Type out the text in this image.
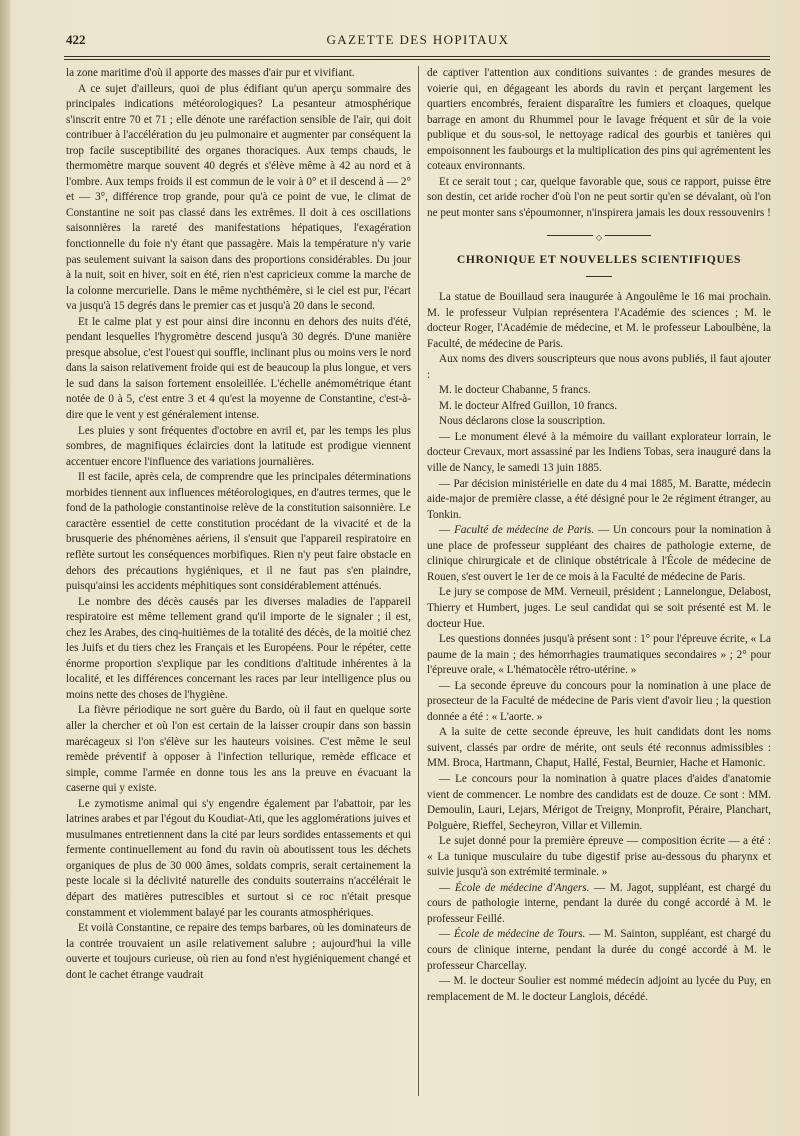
422	GAZETTE DES HOPITAUX

la zone maritime d'où il apporte des masses d'air pur et vivifiant.

A ce sujet d'ailleurs, quoi de plus édifiant qu'un aperçu sommaire des principales indications météorologiques? La pesanteur atmosphérique s'inscrit entre 70 et 71 ; elle dénote une raréfaction sensible de l'air, qui doit contribuer à l'accélération du jeu pulmonaire et augmenter par conséquent la trop facile susceptibilité des organes thoraciques. Aux temps chauds, le thermomètre marque souvent 40 degrés et s'élève même à 42 au nord et à l'ombre. Aux temps froids il est commun de le voir à 0° et il descend à — 2° et — 3°, différence trop grande, pour qu'à ce point de vue, le climat de Constantine ne soit pas classé dans les extrêmes. Il doit à ces oscillations saisonnières la rareté des manifestations hépatiques, l'exagération fonctionnelle du foie n'y étant que passagère. Mais la température n'y varie pas seulement suivant la saison dans des proportions considérables. Du jour à la nuit, soit en hiver, soit en été, rien n'est capricieux comme la marche de la colonne mercurielle. Dans le même nychthémère, si le ciel est pur, l'écart va jusqu'à 15 degrés dans le premier cas et jusqu'à 20 dans le second.

Et le calme plat y est pour ainsi dire inconnu en dehors des nuits d'été, pendant lesquelles l'hygromètre descend jusqu'à 30 degrés. D'une manière presque absolue, c'est l'ouest qui souffle, inclinant plus ou moins vers le nord dans la saison relativement froide qui est de beaucoup la plus longue, et vers le sud dans la saison fortement ensoleillée. L'échelle anémométrique étant notée de 0 à 5, c'est entre 3 et 4 qu'est la moyenne de Constantine, c'est-à-dire que le vent y est généralement intense.

Les pluies y sont fréquentes d'octobre en avril et, par les temps les plus sombres, de magnifiques éclaircies dont la latitude est prodigue viennent accentuer encore l'influence des variations journalières.

Il est facile, après cela, de comprendre que les principales déterminations morbides tiennent aux influences météorologiques, en d'autres termes, que le fond de la pathologie constantinoise relève de la constitution saisonnière. Le caractère essentiel de cette constitution procédant de la vivacité et de la brusquerie des phénomènes aériens, il s'ensuit que l'appareil respiratoire en reflète surtout les conséquences morbifiques. Rien n'y peut faire obstacle en dehors des précautions hygiéniques, et il ne faut pas s'en plaindre, puisqu'ainsi les accidents méphitiques sont considérablement atténués.

Le nombre des décès causés par les diverses maladies de l'appareil respiratoire est même tellement grand qu'il importe de le signaler ; il est, chez les Arabes, des cinq-huitièmes de la totalité des décès, de la moitié chez les Juifs et du tiers chez les Français et les Européens. Pour le répéter, cette énorme proportion s'explique par les conditions d'altitude inhérentes à la localité, et les différences concernant les races par leur intelligence plus ou moins nette des choses de l'hygiène.

La fièvre périodique ne sort guère du Bardo, où il faut en quelque sorte aller la chercher et où l'on est certain de la laisser croupir dans son bassin marécageux si l'on s'élève sur les hauteurs voisines. C'est même le seul remède préventif à opposer à l'infection tellurique, remède efficace et simple, comme l'armée en donne tous les ans la preuve en évacuant la caserne qui y existe.

Le zymotisme animal qui s'y engendre également par l'abattoir, par les latrines arabes et par l'égout du Koudiat-Ati, que les agglomérations juives et musulmanes entretiennent dans la cité par leurs sordides entassements et qui fermente continuellement au fond du ravin où aboutissent tous les déchets organiques de plus de 30 000 âmes, soldats compris, serait certainement la peste locale si la déclivité naturelle des conduits souterrains n'accélérait le départ des matières putrescibles et surtout si ce roc n'était presque constamment et violemment balayé par les courants atmosphériques.

Et voilà Constantine, ce repaire des temps barbares, où les dominateurs de la contrée trouvaient un asile relativement salubre ; aujourd'hui la ville ouverte et toujours curieuse, où rien au fond n'est hygiéniquement changé et dont le cachet étrange vaudrait

de captiver l'attention aux conditions suivantes : de grandes mesures de voierie qui, en dégageant les abords du ravin et perçant largement les quartiers encombrés, feraient disparaître les fumiers et cloaques, quelque barrage en amont du Rhummel pour le lavage fréquent et sûr de la voie publique et du sous-sol, le nettoyage radical des gourbis et tanières qui empoisonnent les faubourgs et la multiplication des pins qui agrémentent les coteaux environnants.

Et ce serait tout ; car, quelque favorable que, sous ce rapport, puisse être son destin, cet aride rocher d'où l'on ne peut sortir qu'en se dévalant, où l'on ne peut monter sans s'époumonner, n'inspirera jamais les doux ressouvenirs !

◇
CHRONIQUE ET NOUVELLES SCIENTIFIQUES

La statue de Bouillaud sera inaugurée à Angoulême le 16 mai prochain. M. le professeur Vulpian représentera l'Académie des sciences ; M. le docteur Roger, l'Académie de médecine, et M. le professeur Laboulbène, la Faculté, de médecine de Paris.

Aux noms des divers souscripteurs que nous avons publiés, il faut ajouter :

M. le docteur Chabanne, 5 francs.

M. le docteur Alfred Guillon, 10 francs.

Nous déclarons close la souscription.

— Le monument élevé à la mémoire du vaillant explorateur lorrain, le docteur Crevaux, mort assassiné par les Indiens Tobas, sera inauguré dans la ville de Nancy, le samedi 13 juin 1885.

— Par décision ministérielle en date du 4 mai 1885, M. Baratte, médecin aide-major de première classe, a été désigné pour le 2e régiment étranger, au Tonkin.

— Faculté de médecine de Paris. — Un concours pour la nomination à une place de professeur suppléant des chaires de pathologie externe, de clinique chirurgicale et de clinique obstétricale à l'École de médecine de Rouen, s'est ouvert le 1er de ce mois à la Faculté de médecine de Paris.

Le jury se compose de MM. Verneuil, président ; Lannelongue, Delabost, Thierry et Humbert, juges. Le seul candidat qui se soit présenté est M. le docteur Hue.

Les questions données jusqu'à présent sont : 1° pour l'épreuve écrite, « La paume de la main ; des hémorrhagies traumatiques secondaires » ; 2° pour l'épreuve orale, « L'hématocèle rétro-utérine. »

— La seconde épreuve du concours pour la nomination à une place de prosecteur de la Faculté de médecine de Paris vient d'avoir lieu ; la question donnée a été : « L'aorte. »

A la suite de cette seconde épreuve, les huit candidats dont les noms suivent, classés par ordre de mérite, ont seuls été reconnus admissibles : MM. Broca, Hartmann, Chaput, Hallé, Festal, Beurnier, Hache et Hamonic.

— Le concours pour la nomination à quatre places d'aides d'anatomie vient de commencer. Le nombre des candidats est de douze. Ce sont : MM. Demoulin, Lauri, Lejars, Mérigot de Treigny, Monprofit, Péraire, Planchart, Polguère, Rieffel, Secheyron, Villar et Villemin.

Le sujet donné pour la première épreuve — composition écrite — a été : « La tunique musculaire du tube digestif prise au-dessous du pharynx et suivie jusqu'à son extrémité terminale. »

— École de médecine d'Angers. — M. Jagot, suppléant, est chargé du cours de pathologie interne, pendant la durée du congé accordé à M. le professeur Feillé.

— École de médecine de Tours. — M. Sainton, suppléant, est chargé du cours de clinique interne, pendant la durée du congé accordé à M. le professeur Charcellay.

— M. le docteur Soulier est nommé médecin adjoint au lycée du Puy, en remplacement de M. le docteur Langlois, décédé.
